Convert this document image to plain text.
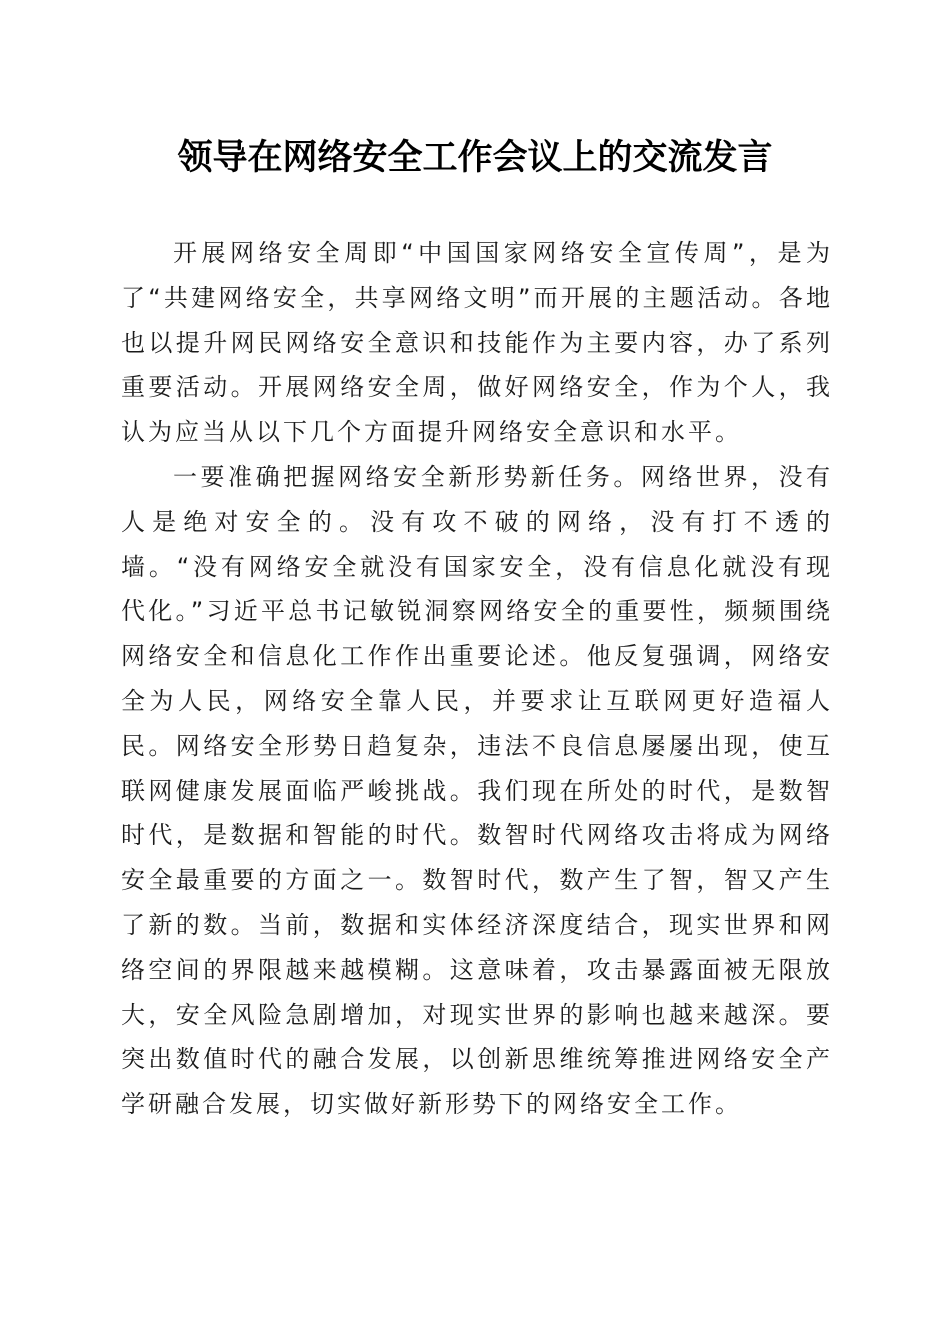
领导在网络安全工作会议上的交流发言

开展网络安全周即“中国国家网络安全宣传周”，是为了“共建网络安全，共享网络文明”而开展的主题活动。各地也以提升网民网络安全意识和技能作为主要内容，办了系列重要活动。开展网络安全周，做好网络安全，作为个人，我认为应当从以下几个方面提升网络安全意识和水平。

一要准确把握网络安全新形势新任务。网络世界，没有人是绝对安全的。没有攻不破的网络，没有打不透的墙。“没有网络安全就没有国家安全，没有信息化就没有现代化。”习近平总书记敏锐洞察网络安全的重要性，频频围绕网络安全和信息化工作作出重要论述。他反复强调，网络安全为人民，网络安全靠人民，并要求让互联网更好造福人民。网络安全形势日趋复杂，违法不良信息屡屡出现，使互联网健康发展面临严峻挑战。我们现在所处的时代，是数智时代，是数据和智能的时代。数智时代网络攻击将成为网络安全最重要的方面之一。数智时代，数产生了智，智又产生了新的数。当前，数据和实体经济深度结合，现实世界和网络空间的界限越来越模糊。这意味着，攻击暴露面被无限放大，安全风险急剧增加，对现实世界的影响也越来越深。要突出数值时代的融合发展，以创新思维统筹推进网络安全产学研融合发展，切实做好新形势下的网络安全工作。
